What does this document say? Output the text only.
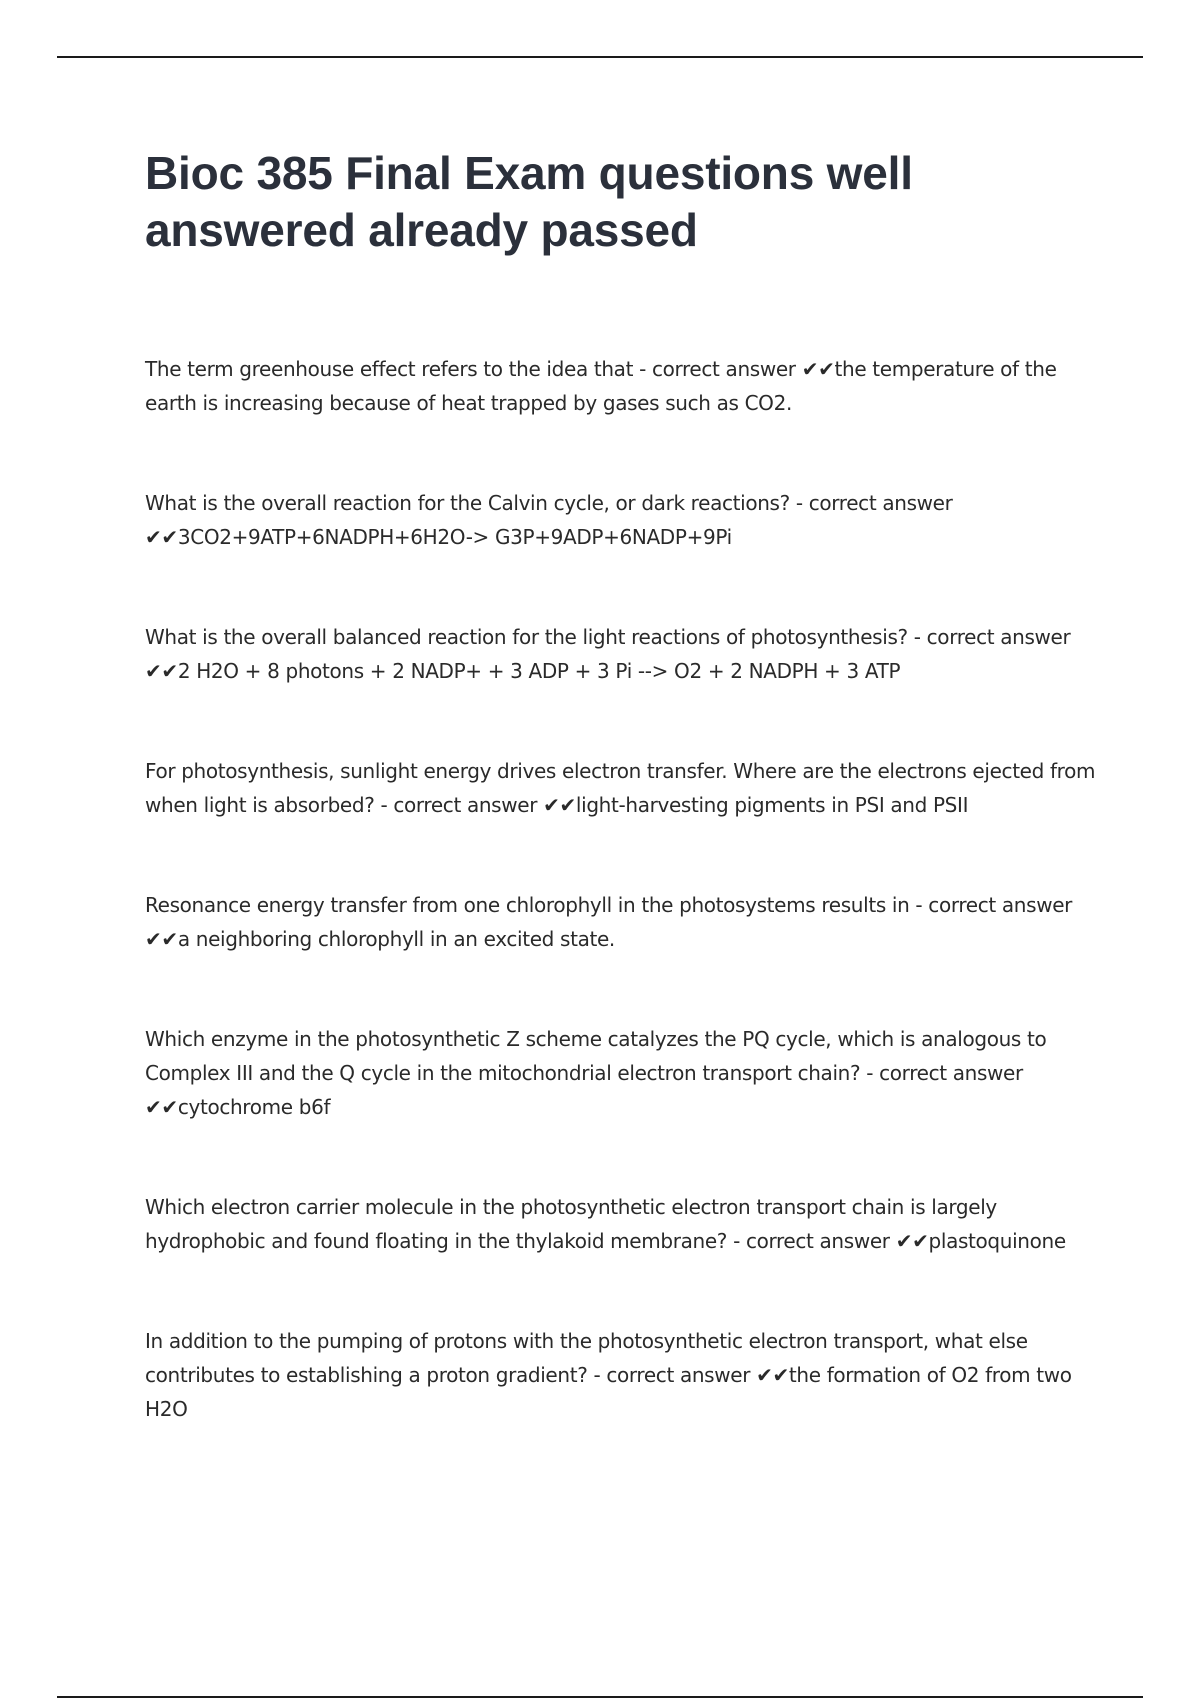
Bioc 385 Final Exam questions well answered already passed

The term greenhouse effect refers to the idea that - correct answer ✔✔the temperature of the earth is increasing because of heat trapped by gases such as CO2.

What is the overall reaction for the Calvin cycle, or dark reactions? - correct answer
✔✔3CO2+9ATP+6NADPH+6H2O-> G3P+9ADP+6NADP+9Pi

What is the overall balanced reaction for the light reactions of photosynthesis? - correct answer
✔✔2 H2O + 8 photons + 2 NADP+ + 3 ADP + 3 Pi --> O2 + 2 NADPH + 3 ATP

For photosynthesis, sunlight energy drives electron transfer. Where are the electrons ejected from when light is absorbed? - correct answer ✔✔light-harvesting pigments in PSI and PSII

Resonance energy transfer from one chlorophyll in the photosystems results in - correct answer
✔✔a neighboring chlorophyll in an excited state.

Which enzyme in the photosynthetic Z scheme catalyzes the PQ cycle, which is analogous to Complex III and the Q cycle in the mitochondrial electron transport chain? - correct answer
✔✔cytochrome b6f

Which electron carrier molecule in the photosynthetic electron transport chain is largely hydrophobic and found floating in the thylakoid membrane? - correct answer ✔✔plastoquinone

In addition to the pumping of protons with the photosynthetic electron transport, what else contributes to establishing a proton gradient? - correct answer ✔✔the formation of O2 from two H2O
